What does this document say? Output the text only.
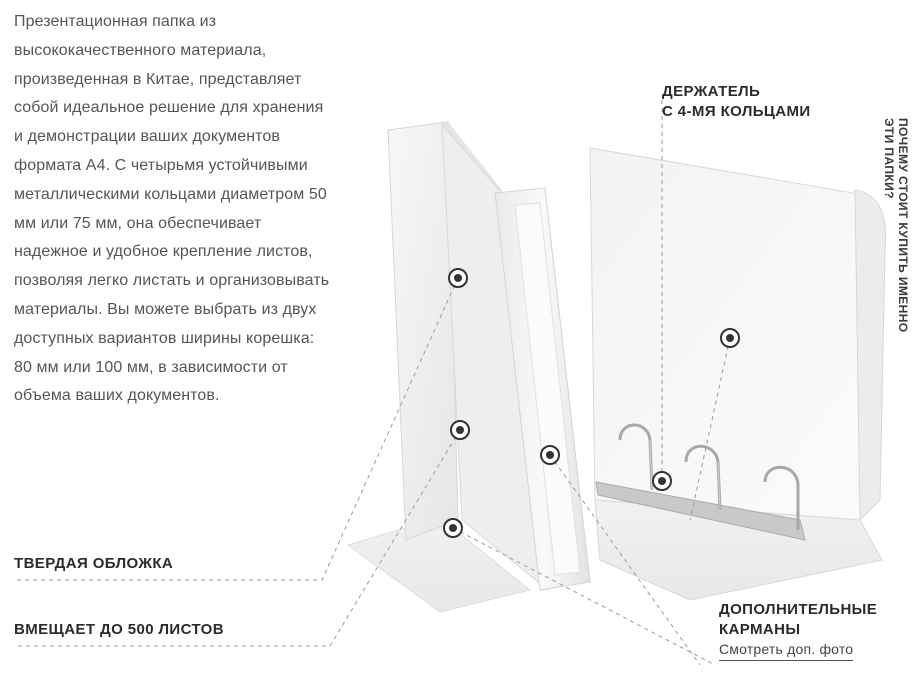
Презентационная папка из высококачественного материала, произведенная в Китае, представляет собой идеальное решение для хранения и демонстрации ваших документов формата А4. С четырьмя устойчивыми металлическими кольцами диаметром 50 мм или 75 мм, она обеспечивает надежное и удобное крепление листов, позволяя легко листать и организовывать материалы. Вы можете выбрать из двух доступных вариантов ширины корешка: 80 мм или 100 мм, в зависимости от объема ваших документов.
ТВЕРДАЯ ОБЛОЖКА
ВМЕЩАЕТ ДО 500 ЛИСТОВ
ДЕРЖАТЕЛЬ
С 4-МЯ КОЛЬЦАМИ
ДОПОЛНИТЕЛЬНЫЕ
КАРМАНЫ
Смотреть доп. фото
ПОЧЕМУ СТОИТ КУПИТЬ ИМЕННО
ЭТИ ПАПКИ?
